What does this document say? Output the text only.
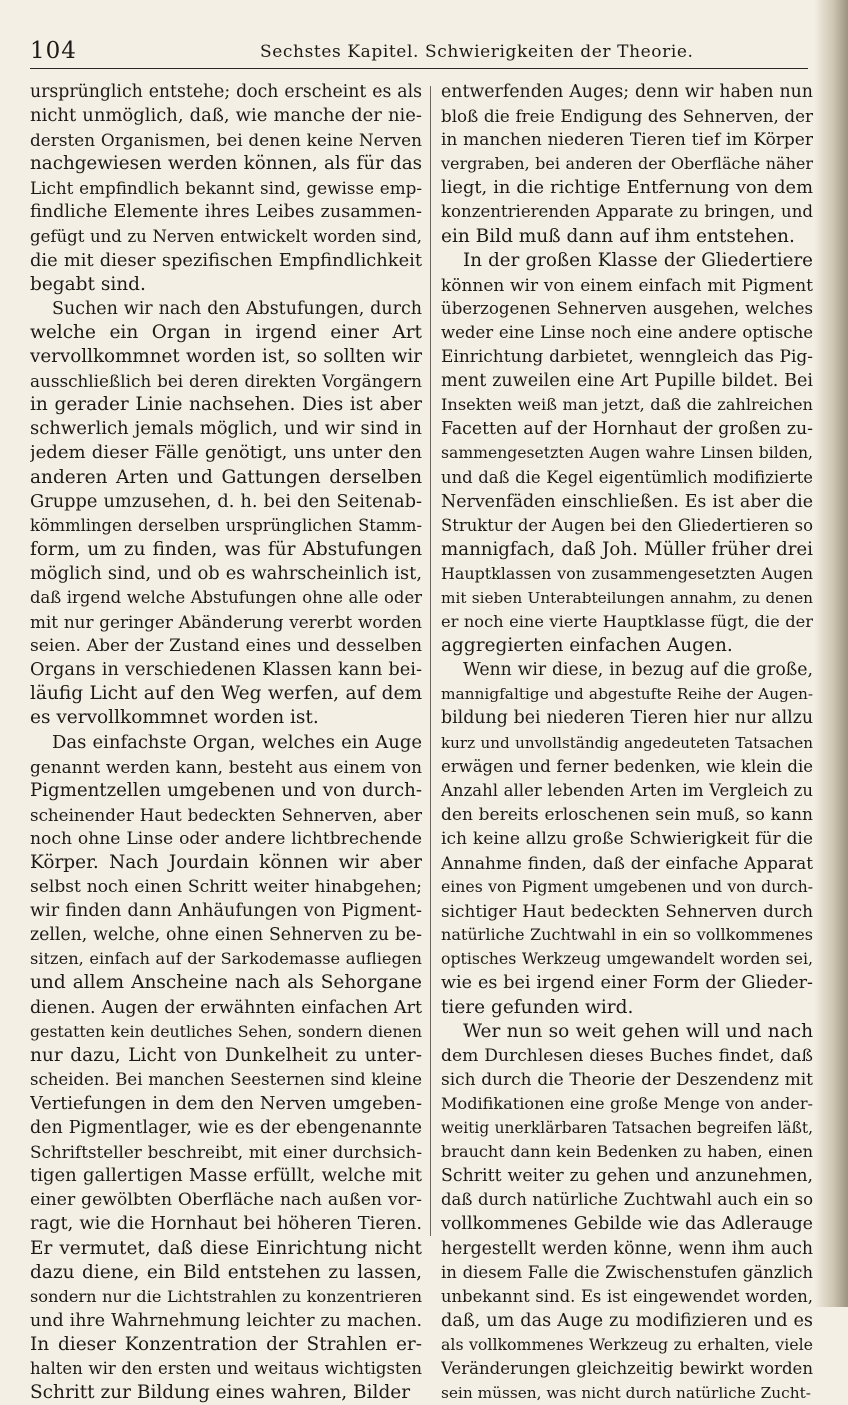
104	Sechstes Kapitel. Schwierigkeiten der Theorie.
ursprünglich entstehe; doch erscheint es als
nicht unmöglich, daß, wie manche der nie-
dersten Organismen, bei denen keine Nerven
nachgewiesen werden können, als für das
Licht empfindlich bekannt sind, gewisse emp-
findliche Elemente ihres Leibes zusammen-
gefügt und zu Nerven entwickelt worden sind,
die mit dieser spezifischen Empfindlichkeit
begabt sind.
Suchen wir nach den Abstufungen, durch
welche ein Organ in irgend einer Art
vervollkommnet worden ist, so sollten wir
ausschließlich bei deren direkten Vorgängern
in gerader Linie nachsehen. Dies ist aber
schwerlich jemals möglich, und wir sind in
jedem dieser Fälle genötigt, uns unter den
anderen Arten und Gattungen derselben
Gruppe umzusehen, d. h. bei den Seitenab-
kömmlingen derselben ursprünglichen Stamm-
form, um zu finden, was für Abstufungen
möglich sind, und ob es wahrscheinlich ist,
daß irgend welche Abstufungen ohne alle oder
mit nur geringer Abänderung vererbt worden
seien. Aber der Zustand eines und desselben
Organs in verschiedenen Klassen kann bei-
läufig Licht auf den Weg werfen, auf dem
es vervollkommnet worden ist.
Das einfachste Organ, welches ein Auge
genannt werden kann, besteht aus einem von
Pigmentzellen umgebenen und von durch-
scheinender Haut bedeckten Sehnerven, aber
noch ohne Linse oder andere lichtbrechende
Körper. Nach Jourdain können wir aber
selbst noch einen Schritt weiter hinabgehen;
wir finden dann Anhäufungen von Pigment-
zellen, welche, ohne einen Sehnerven zu be-
sitzen, einfach auf der Sarkodemasse aufliegen
und allem Anscheine nach als Sehorgane
dienen. Augen der erwähnten einfachen Art
gestatten kein deutliches Sehen, sondern dienen
nur dazu, Licht von Dunkelheit zu unter-
scheiden. Bei manchen Seesternen sind kleine
Vertiefungen in dem den Nerven umgeben-
den Pigmentlager, wie es der ebengenannte
Schriftsteller beschreibt, mit einer durchsich-
tigen gallertigen Masse erfüllt, welche mit
einer gewölbten Oberfläche nach außen vor-
ragt, wie die Hornhaut bei höheren Tieren.
Er vermutet, daß diese Einrichtung nicht
dazu diene, ein Bild entstehen zu lassen,
sondern nur die Lichtstrahlen zu konzentrieren
und ihre Wahrnehmung leichter zu machen.
In dieser Konzentration der Strahlen er-
halten wir den ersten und weitaus wichtigsten
Schritt zur Bildung eines wahren, Bilder
entwerfenden Auges; denn wir haben nun
bloß die freie Endigung des Sehnerven, der
in manchen niederen Tieren tief im Körper
vergraben, bei anderen der Oberfläche näher
liegt, in die richtige Entfernung von dem
konzentrierenden Apparate zu bringen, und
ein Bild muß dann auf ihm entstehen.
In der großen Klasse der Gliedertiere
können wir von einem einfach mit Pigment
überzogenen Sehnerven ausgehen, welches
weder eine Linse noch eine andere optische
Einrichtung darbietet, wenngleich das Pig-
ment zuweilen eine Art Pupille bildet. Bei
Insekten weiß man jetzt, daß die zahlreichen
Facetten auf der Hornhaut der großen zu-
sammengesetzten Augen wahre Linsen bilden,
und daß die Kegel eigentümlich modifizierte
Nervenfäden einschließen. Es ist aber die
Struktur der Augen bei den Gliedertieren so
mannigfach, daß Joh. Müller früher drei
Hauptklassen von zusammengesetzten Augen
mit sieben Unterabteilungen annahm, zu denen
er noch eine vierte Hauptklasse fügt, die der
aggregierten einfachen Augen.
Wenn wir diese, in bezug auf die große,
mannigfaltige und abgestufte Reihe der Augen-
bildung bei niederen Tieren hier nur allzu
kurz und unvollständig angedeuteten Tatsachen
erwägen und ferner bedenken, wie klein die
Anzahl aller lebenden Arten im Vergleich zu
den bereits erloschenen sein muß, so kann
ich keine allzu große Schwierigkeit für die
Annahme finden, daß der einfache Apparat
eines von Pigment umgebenen und von durch-
sichtiger Haut bedeckten Sehnerven durch
natürliche Zuchtwahl in ein so vollkommenes
optisches Werkzeug umgewandelt worden sei,
wie es bei irgend einer Form der Glieder-
tiere gefunden wird.
Wer nun so weit gehen will und nach
dem Durchlesen dieses Buches findet, daß
sich durch die Theorie der Deszendenz mit
Modifikationen eine große Menge von ander-
weitig unerklärbaren Tatsachen begreifen läßt,
braucht dann kein Bedenken zu haben, einen
Schritt weiter zu gehen und anzunehmen,
daß durch natürliche Zuchtwahl auch ein so
vollkommenes Gebilde wie das Adlerauge
hergestellt werden könne, wenn ihm auch
in diesem Falle die Zwischenstufen gänzlich
unbekannt sind. Es ist eingewendet worden,
daß, um das Auge zu modifizieren und es
als vollkommenes Werkzeug zu erhalten, viele
Veränderungen gleichzeitig bewirkt worden
sein müssen, was nicht durch natürliche Zucht-
